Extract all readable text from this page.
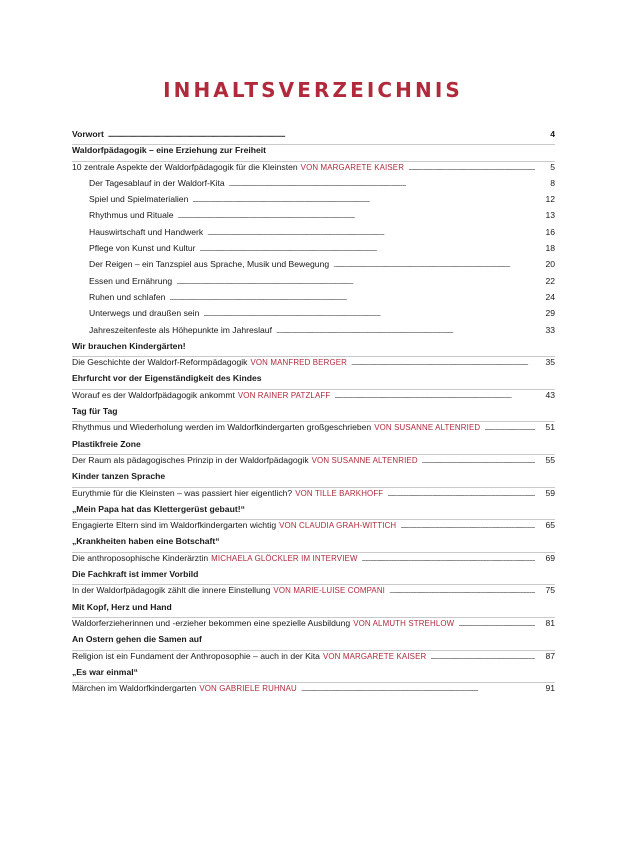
INHALTSVERZEICHNIS
Vorwort . . .	4
Waldorfpädagogik – eine Erziehung zur Freiheit
10 zentrale Aspekte der Waldorfpädagogik für die Kleinsten VON MARGARETE KAISER . . .	5
Der Tagesablauf in der Waldorf-Kita . . .	8
Spiel und Spielmaterialien . . .	12
Rhythmus und Rituale . . .	13
Hauswirtschaft und Handwerk . . .	16
Pflege von Kunst und Kultur . . .	18
Der Reigen – ein Tanzspiel aus Sprache, Musik und Bewegung . . .	20
Essen und Ernährung . . .	22
Ruhen und schlafen . . .	24
Unterwegs und draußen sein . . .	29
Jahreszeitenfeste als Höhepunkte im Jahreslauf . . .	33
Wir brauchen Kindergärten!
Die Geschichte der Waldorf-Reformpädagogik VON MANFRED BERGER . . .	35
Ehrfurcht vor der Eigenständigkeit des Kindes
Worauf es der Waldorfpädagogik ankommt VON RAINER PATZLAFF . . .	43
Tag für Tag
Rhythmus und Wiederholung werden im Waldorfkindergarten großgeschrieben VON SUSANNE ALTENRIED . . .	51
Plastikfreie Zone
Der Raum als pädagogisches Prinzip in der Waldorfpädagogik VON SUSANNE ALTENRIED . . .	55
Kinder tanzen Sprache
Eurythmie für die Kleinsten – was passiert hier eigentlich? VON TILLE BARKHOFF . . .	59
„Mein Papa hat das Klettergerüst gebaut!“
Engagierte Eltern sind im Waldorfkindergarten wichtig VON CLAUDIA GRAH-WITTICH . . .	65
„Krankheiten haben eine Botschaft“
Die anthroposophische Kinderärztin MICHAELA GLÖCKLER IM INTERVIEW . . .	69
Die Fachkraft ist immer Vorbild
In der Waldorfpädagogik zählt die innere Einstellung VON MARIE-LUISE COMPANI . . .	75
Mit Kopf, Herz und Hand
Waldorferzieherinnen und -erzieher bekommen eine spezielle Ausbildung VON ALMUTH STREHLOW . . .	81
An Ostern gehen die Samen auf
Religion ist ein Fundament der Anthroposophie – auch in der Kita VON MARGARETE KAISER . . .	87
„Es war einmal“
Märchen im Waldorfkindergarten VON GABRIELE RUHNAU . . .	91
